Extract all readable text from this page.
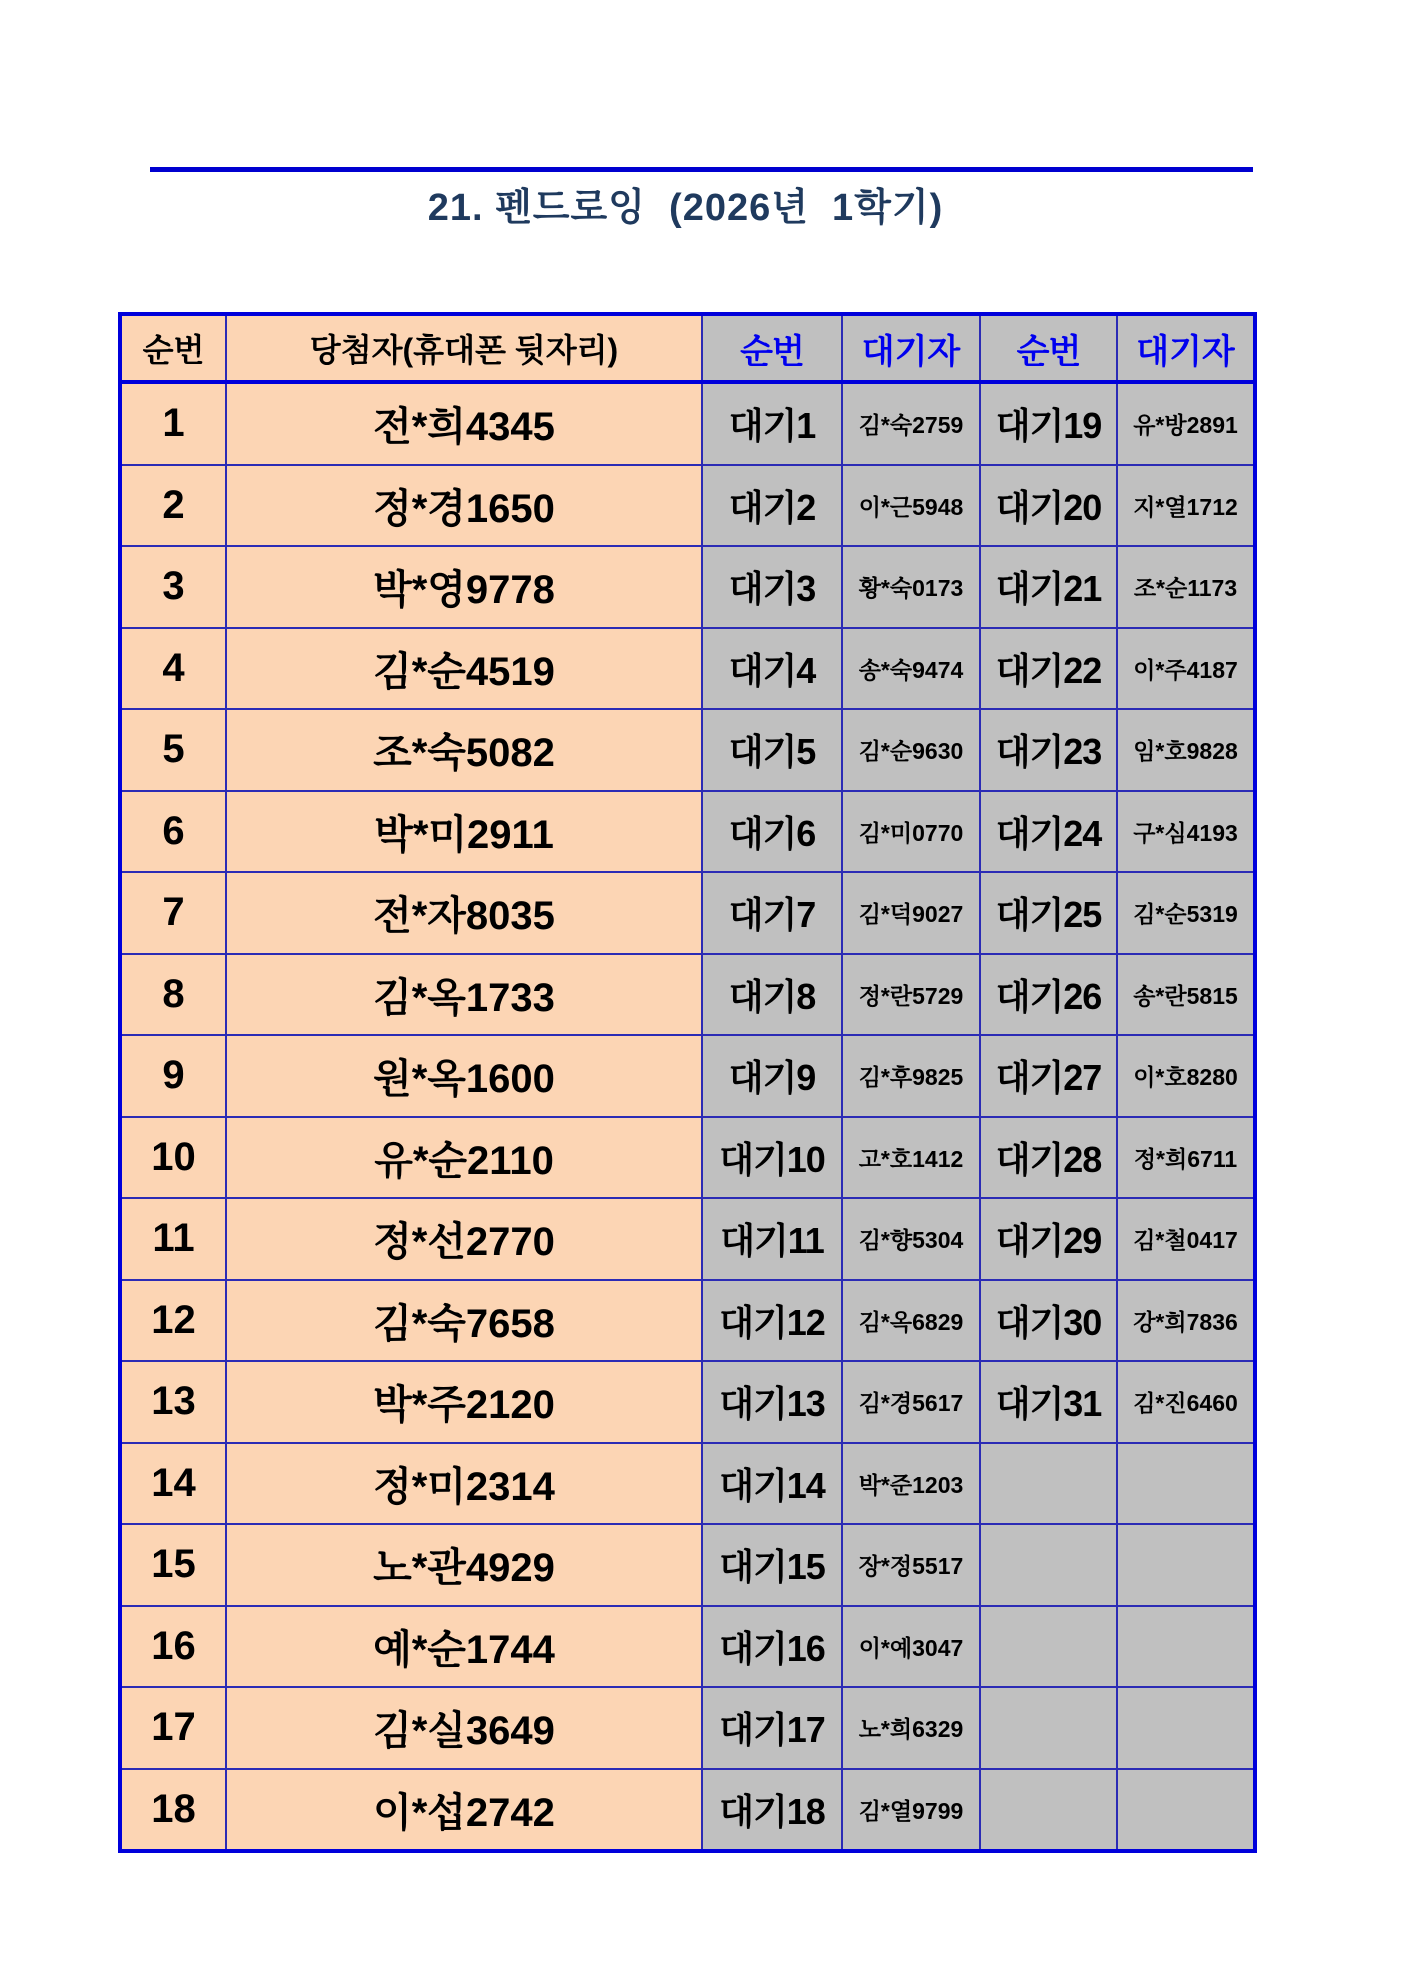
21. 펜드로잉  (2026년  1학기)
순번	당첨자(휴대폰 뒷자리)	순번	대기자	순번	대기자
1	전*희4345	대기1	김*숙2759	대기19	유*방2891
2	정*경1650	대기2	이*근5948	대기20	지*열1712
3	박*영9778	대기3	황*숙0173	대기21	조*순1173
4	김*순4519	대기4	송*숙9474	대기22	이*주4187
5	조*숙5082	대기5	김*순9630	대기23	임*호9828
6	박*미2911	대기6	김*미0770	대기24	구*심4193
7	전*자8035	대기7	김*덕9027	대기25	김*순5319
8	김*옥1733	대기8	정*란5729	대기26	송*란5815
9	원*옥1600	대기9	김*후9825	대기27	이*호8280
10	유*순2110	대기10	고*호1412	대기28	정*희6711
11	정*선2770	대기11	김*향5304	대기29	김*철0417
12	김*숙7658	대기12	김*옥6829	대기30	강*희7836
13	박*주2120	대기13	김*경5617	대기31	김*진6460
14	정*미2314	대기14	박*준1203		
15	노*관4929	대기15	장*정5517		
16	예*순1744	대기16	이*예3047		
17	김*실3649	대기17	노*희6329		
18	이*섭2742	대기18	김*열9799		
